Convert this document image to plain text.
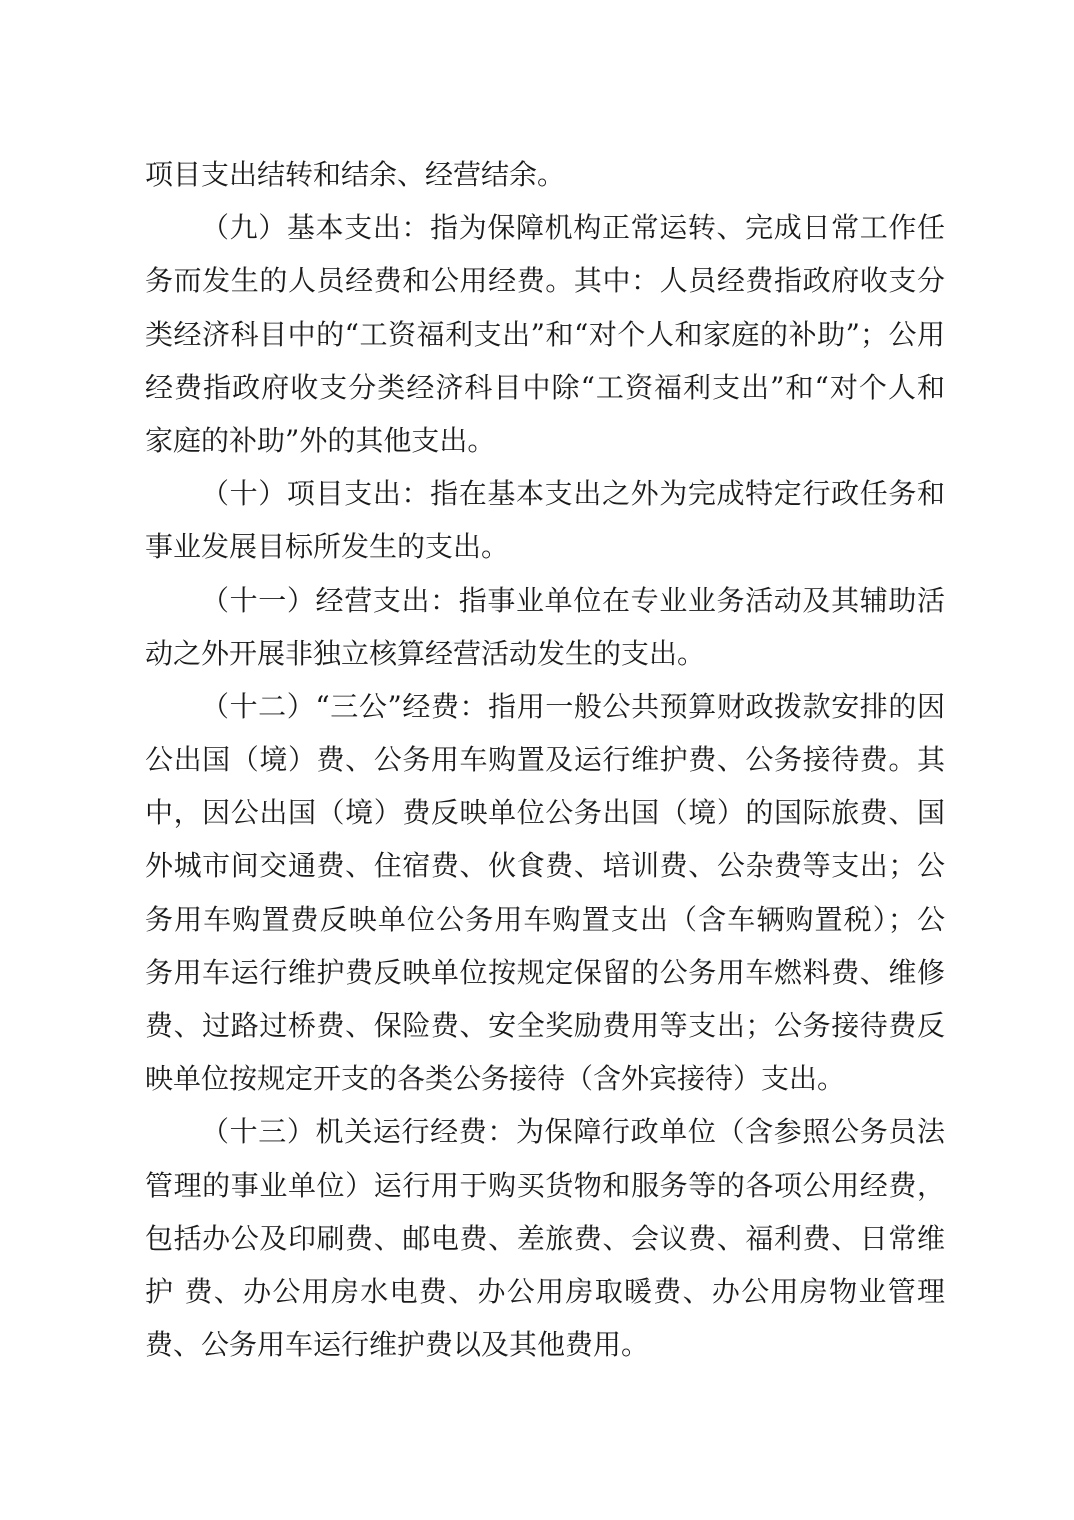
项目支出结转和结余、经营结余。
（九）基本支出：指为保障机构正常运转、完成日常工作任
务而发生的人员经费和公用经费。其中：人员经费指政府收支分
类经济科目中的“工资福利支出”和“对个人和家庭的补助”；公用
经费指政府收支分类经济科目中除“工资福利支出”和“对个人和
家庭的补助”外的其他支出。
（十）项目支出：指在基本支出之外为完成特定行政任务和
事业发展目标所发生的支出。
（十一）经营支出：指事业单位在专业业务活动及其辅助活
动之外开展非独立核算经营活动发生的支出。
（十二）“三公”经费：指用一般公共预算财政拨款安排的因
公出国（境）费、公务用车购置及运行维护费、公务接待费。其
中，因公出国（境）费反映单位公务出国（境）的国际旅费、国
外城市间交通费、住宿费、伙食费、培训费、公杂费等支出；公
务用车购置费反映单位公务用车购置支出（含车辆购置税）；公
务用车运行维护费反映单位按规定保留的公务用车燃料费、维修
费、过路过桥费、保险费、安全奖励费用等支出；公务接待费反
映单位按规定开支的各类公务接待（含外宾接待）支出。
（十三）机关运行经费：为保障行政单位（含参照公务员法
管理的事业单位）运行用于购买货物和服务等的各项公用经费，
包括办公及印刷费、邮电费、差旅费、会议费、福利费、日常维
护 费、办公用房水电费、办公用房取暖费、办公用房物业管理
费、公务用车运行维护费以及其他费用。
